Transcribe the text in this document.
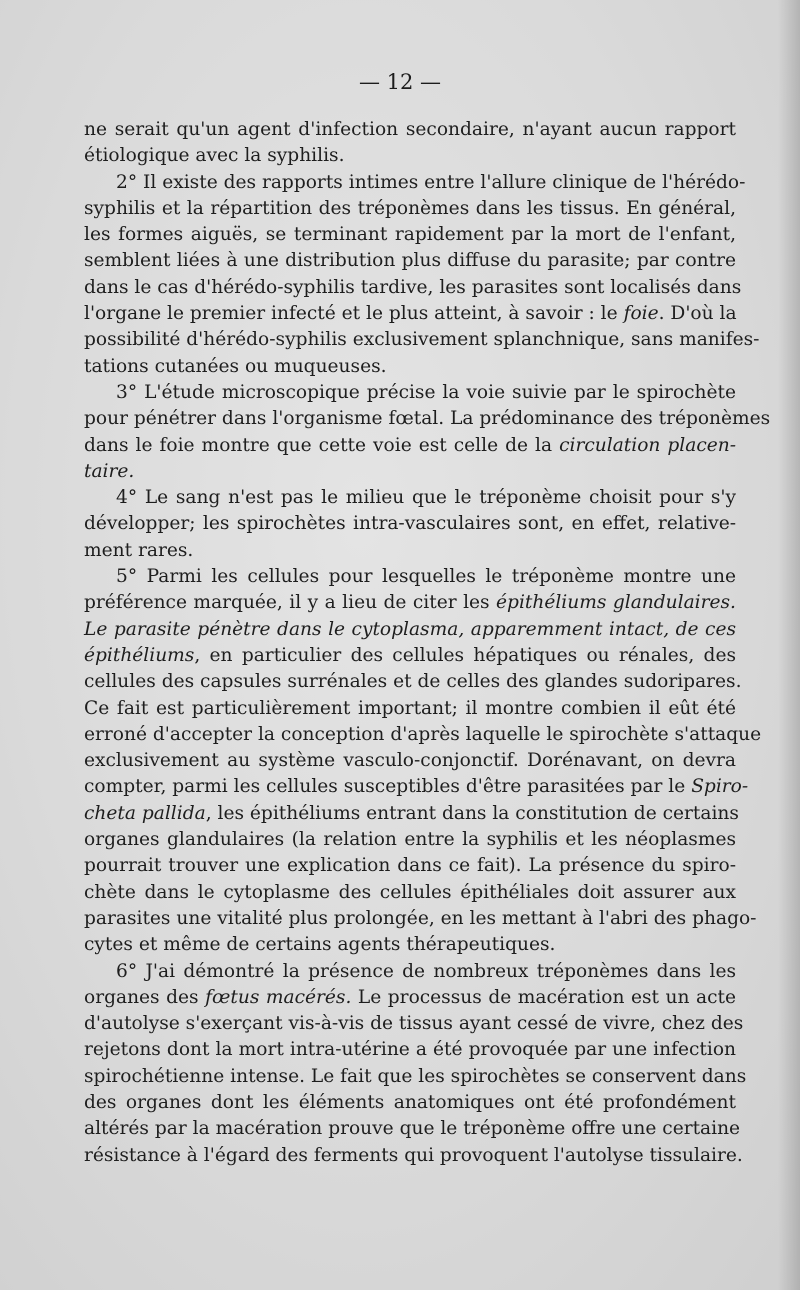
— 12 —
ne serait qu'un agent d'infection secondaire, n'ayant aucun rapport
étiologique avec la syphilis.
2° Il existe des rapports intimes entre l'allure clinique de l'hérédo-
syphilis et la répartition des tréponèmes dans les tissus. En général,
les formes aiguës, se terminant rapidement par la mort de l'enfant,
semblent liées à une distribution plus diffuse du parasite; par contre
dans le cas d'hérédo-syphilis tardive, les parasites sont localisés dans
l'organe le premier infecté et le plus atteint, à savoir : le foie. D'où la
possibilité d'hérédo-syphilis exclusivement splanchnique, sans manifes-
tations cutanées ou muqueuses.
3° L'étude microscopique précise la voie suivie par le spirochète
pour pénétrer dans l'organisme fœtal. La prédominance des tréponèmes
dans le foie montre que cette voie est celle de la circulation placen-
taire.
4° Le sang n'est pas le milieu que le tréponème choisit pour s'y
développer; les spirochètes intra-vasculaires sont, en effet, relative-
ment rares.
5° Parmi les cellules pour lesquelles le tréponème montre une
préférence marquée, il y a lieu de citer les épithéliums glandulaires.
Le parasite pénètre dans le cytoplasma, apparemment intact, de ces
épithéliums, en particulier des cellules hépatiques ou rénales, des
cellules des capsules surrénales et de celles des glandes sudoripares.
Ce fait est particulièrement important; il montre combien il eût été
erroné d'accepter la conception d'après laquelle le spirochète s'attaque
exclusivement au système vasculo-conjonctif. Dorénavant, on devra
compter, parmi les cellules susceptibles d'être parasitées par le Spiro-
cheta pallida, les épithéliums entrant dans la constitution de certains
organes glandulaires (la relation entre la syphilis et les néoplasmes
pourrait trouver une explication dans ce fait). La présence du spiro-
chète dans le cytoplasme des cellules épithéliales doit assurer aux
parasites une vitalité plus prolongée, en les mettant à l'abri des phago-
cytes et même de certains agents thérapeutiques.
6° J'ai démontré la présence de nombreux tréponèmes dans les
organes des fœtus macérés. Le processus de macération est un acte
d'autolyse s'exerçant vis-à-vis de tissus ayant cessé de vivre, chez des
rejetons dont la mort intra-utérine a été provoquée par une infection
spirochétienne intense. Le fait que les spirochètes se conservent dans
des organes dont les éléments anatomiques ont été profondément
altérés par la macération prouve que le tréponème offre une certaine
résistance à l'égard des ferments qui provoquent l'autolyse tissulaire.
